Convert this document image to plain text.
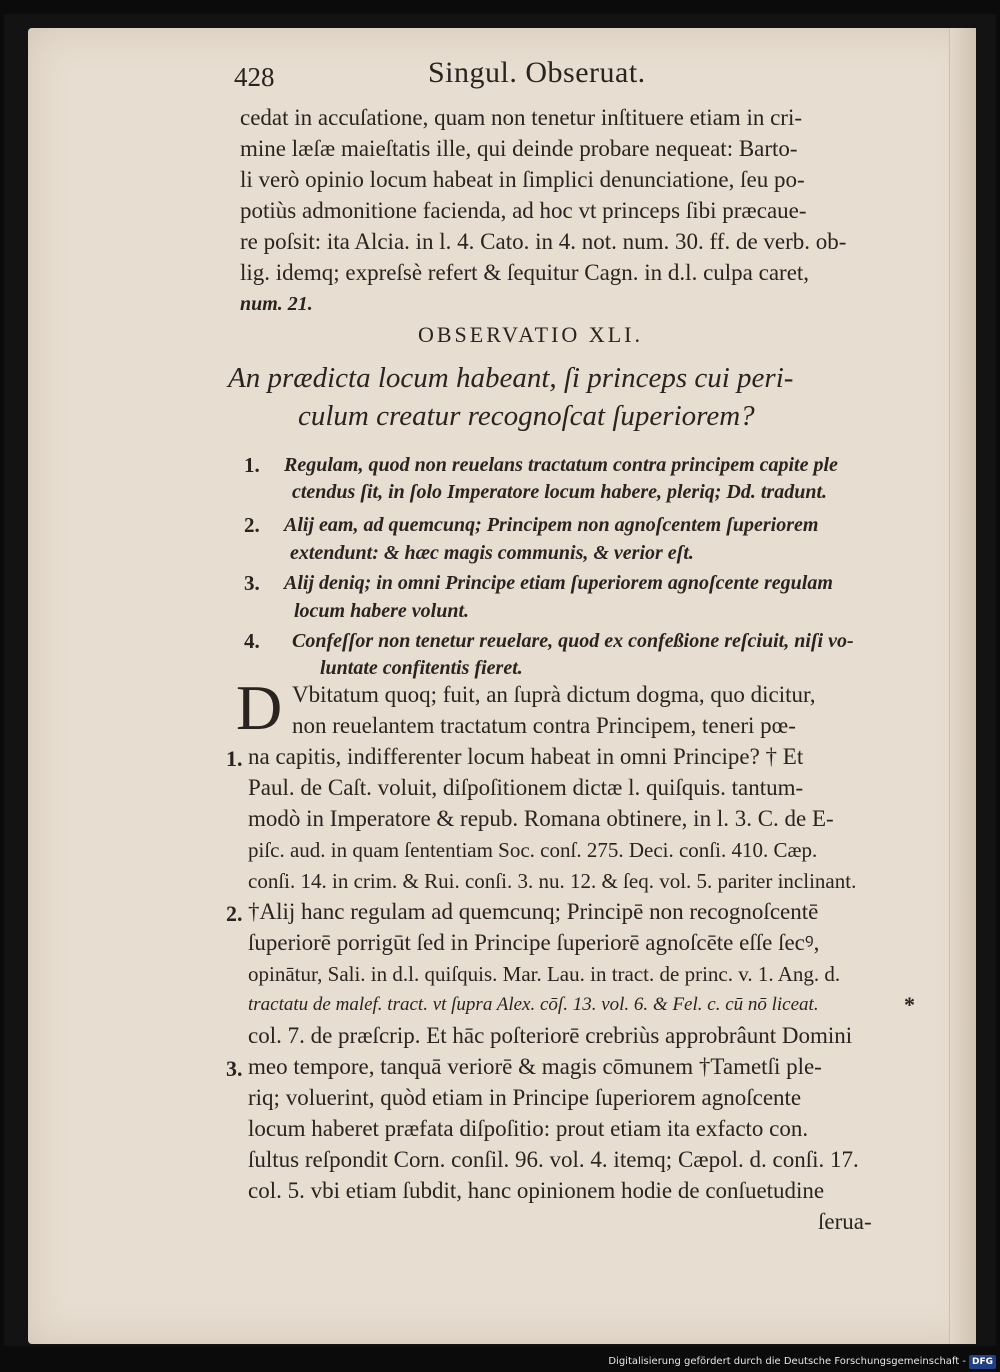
428	Singul. Obseruat.
cedat in accuſatione, quam non tenetur inſtituere etiam in cri-
mine læſæ maieſtatis ille, qui deinde probare nequeat: Barto-
li verò opinio locum habeat in ſimplici denunciatione, ſeu po-
potiùs admonitione facienda, ad hoc vt princeps ſibi præcaue-
re poſsit: ita Alcia. in l. 4. Cato. in 4. not. num. 30. ff. de verb. ob-
lig. idemq; expreſsè refert & ſequitur Cagn. in d.l. culpa caret,
num. 21.
OBSERVATIO XLI.
An prædicta locum habeant, ſi princeps cui peri-
culum creatur recognoſcat ſuperiorem?
1. Regulam, quod non reuelans tractatum contra principem capite ple
ctendus ſit, in ſolo Imperatore locum habere, pleriq; Dd. tradunt.
2. Alij eam, ad quemcunq; Principem non agnoſcentem ſuperiorem
extendunt: & hæc magis communis, & verior eſt.
3. Alij deniq; in omni Principe etiam ſuperiorem agnoſcente regulam
locum habere volunt.
4. Confeſſor non tenetur reuelare, quod ex confeßione reſciuit, niſi vo-
luntate confitentis fieret.
D Vbitatum quoq; fuit, an ſuprà dictum dogma, quo dicitur,
non reuelantem tractatum contra Principem, teneri pœ-
na capitis, indifferenter locum habeat in omni Principe? † Et
Paul. de Caſt. voluit, diſpoſitionem dictæ l. quiſquis. tantum-
modò in Imperatore & repub. Romana obtinere, in l. 3. C. de E-
piſc. aud. in quam ſententiam Soc. conſ. 275. Deci. conſi. 410. Cæp.
conſi. 14. in crim. & Rui. conſi. 3. nu. 12. & ſeq. vol. 5. pariter inclinant.
†Alij hanc regulam ad quemcunq; Principē non recognoſcentē
ſuperiorē porrigūt ſed in Principe ſuperiorē agnoſcēte eſſe ſecꝰ,
opinātur, Sali. in d.l. quiſquis. Mar. Lau. in tract. de princ. v. 1. Ang. d.
tractatu de malef. tract. vt ſupra Alex. cōſ. 13. vol. 6. & Fel. c. cū nō liceat.
col. 7. de præſcrip. Et hāc poſteriorē crebriùs approbrâunt Domini
meo tempore, tanquā veriorē & magis cōmunem †Tametſi ple-
riq; voluerint, quòd etiam in Principe ſuperiorem agnoſcente
locum haberet præfata diſpoſitio: prout etiam ita exfacto con.
ſultus reſpondit Corn. conſil. 96. vol. 4. itemq; Cæpol. d. conſi. 17.
col. 5. vbi etiam ſubdit, hanc opinionem hodie de conſuetudine
ſerua-
1.
2.
3.
*
Digitalisierung gefördert durch die Deutsche Forschungsgemeinschaft - DFG
